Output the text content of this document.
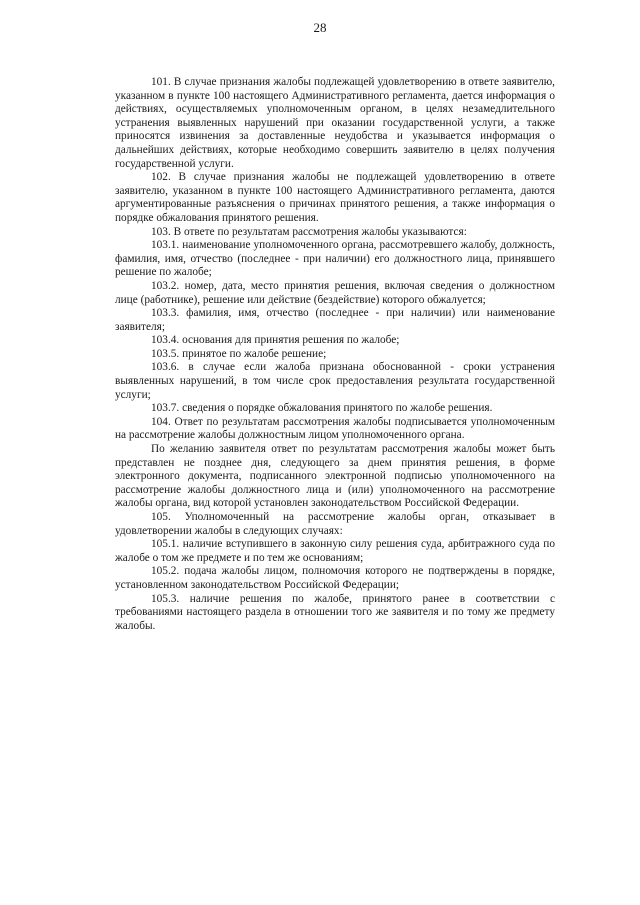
28

101. В случае признания жалобы подлежащей удовлетворению в ответе заявителю, указанном в пункте 100 настоящего Административного регламента, дается информация о действиях, осуществляемых уполномоченным органом, в целях незамедлительного устранения выявленных нарушений при оказании государственной услуги, а также приносятся извинения за доставленные неудобства и указывается информация о дальнейших действиях, которые необходимо совершить заявителю в целях получения государственной услуги.

102. В случае признания жалобы не подлежащей удовлетворению в ответе заявителю, указанном в пункте 100 настоящего Административного регламента, даются аргументированные разъяснения о причинах принятого решения, а также информация о порядке обжалования принятого решения.

103. В ответе по результатам рассмотрения жалобы указываются:

103.1. наименование уполномоченного органа, рассмотревшего жалобу, должность, фамилия, имя, отчество (последнее - при наличии) его должностного лица, принявшего решение по жалобе;

103.2. номер, дата, место принятия решения, включая сведения о должностном лице (работнике), решение или действие (бездействие) которого обжалуется;

103.3. фамилия, имя, отчество (последнее - при наличии) или наименование заявителя;

103.4. основания для принятия решения по жалобе;

103.5. принятое по жалобе решение;

103.6. в случае если жалоба признана обоснованной - сроки устранения выявленных нарушений, в том числе срок предоставления результата государственной услуги;

103.7. сведения о порядке обжалования принятого по жалобе решения.

104. Ответ по результатам рассмотрения жалобы подписывается уполномоченным на рассмотрение жалобы должностным лицом уполномоченного органа.

По желанию заявителя ответ по результатам рассмотрения жалобы может быть представлен не позднее дня, следующего за днем принятия решения, в форме электронного документа, подписанного электронной подписью уполномоченного на рассмотрение жалобы должностного лица и (или) уполномоченного на рассмотрение жалобы органа, вид которой установлен законодательством Российской Федерации.

105. Уполномоченный на рассмотрение жалобы орган, отказывает в удовлетворении жалобы в следующих случаях:

105.1. наличие вступившего в законную силу решения суда, арбитражного суда по жалобе о том же предмете и по тем же основаниям;

105.2. подача жалобы лицом, полномочия которого не подтверждены в порядке, установленном законодательством Российской Федерации;

105.3. наличие решения по жалобе, принятого ранее в соответствии с требованиями настоящего раздела в отношении того же заявителя и по тому же предмету жалобы.
